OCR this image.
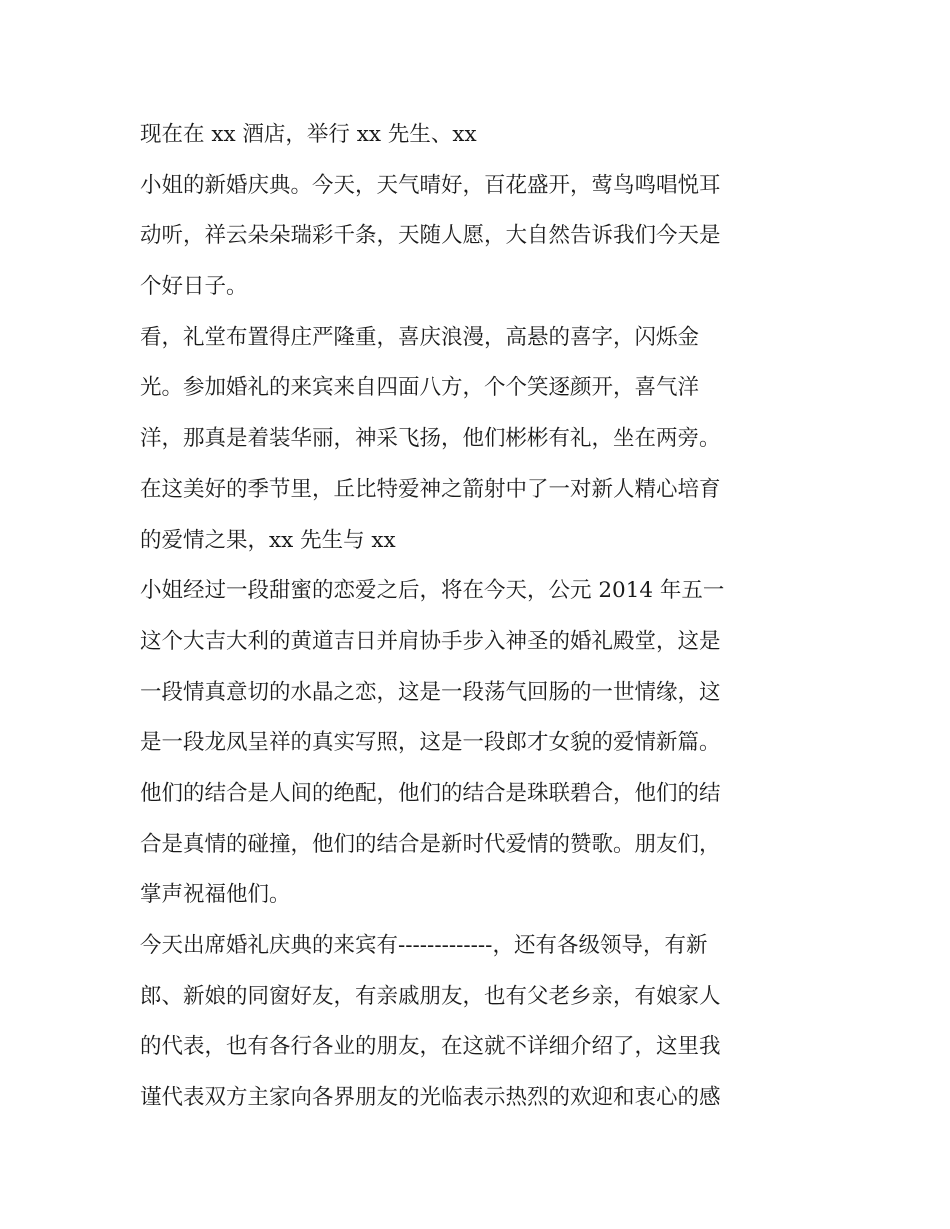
现在在 xx 酒店，举行 xx 先生、xx
小姐的新婚庆典。今天，天气晴好，百花盛开，莺鸟鸣唱悦耳
动听，祥云朵朵瑞彩千条，天随人愿，大自然告诉我们今天是
个好日子。
看，礼堂布置得庄严隆重，喜庆浪漫，高悬的喜字，闪烁金
光。参加婚礼的来宾来自四面八方，个个笑逐颜开，喜气洋
洋，那真是着装华丽，神采飞扬，他们彬彬有礼，坐在两旁。
在这美好的季节里，丘比特爱神之箭射中了一对新人精心培育
的爱情之果，xx 先生与 xx
小姐经过一段甜蜜的恋爱之后，将在今天，公元 2014 年五一
这个大吉大利的黄道吉日并肩协手步入神圣的婚礼殿堂，这是
一段情真意切的水晶之恋，这是一段荡气回肠的一世情缘，这
是一段龙凤呈祥的真实写照，这是一段郎才女貌的爱情新篇。
他们的结合是人间的绝配，他们的结合是珠联碧合，他们的结
合是真情的碰撞，他们的结合是新时代爱情的赞歌。朋友们，
掌声祝福他们。
今天出席婚礼庆典的来宾有-------------，还有各级领导，有新
郎、新娘的同窗好友，有亲戚朋友，也有父老乡亲，有娘家人
的代表，也有各行各业的朋友，在这就不详细介绍了，这里我
谨代表双方主家向各界朋友的光临表示热烈的欢迎和衷心的感
